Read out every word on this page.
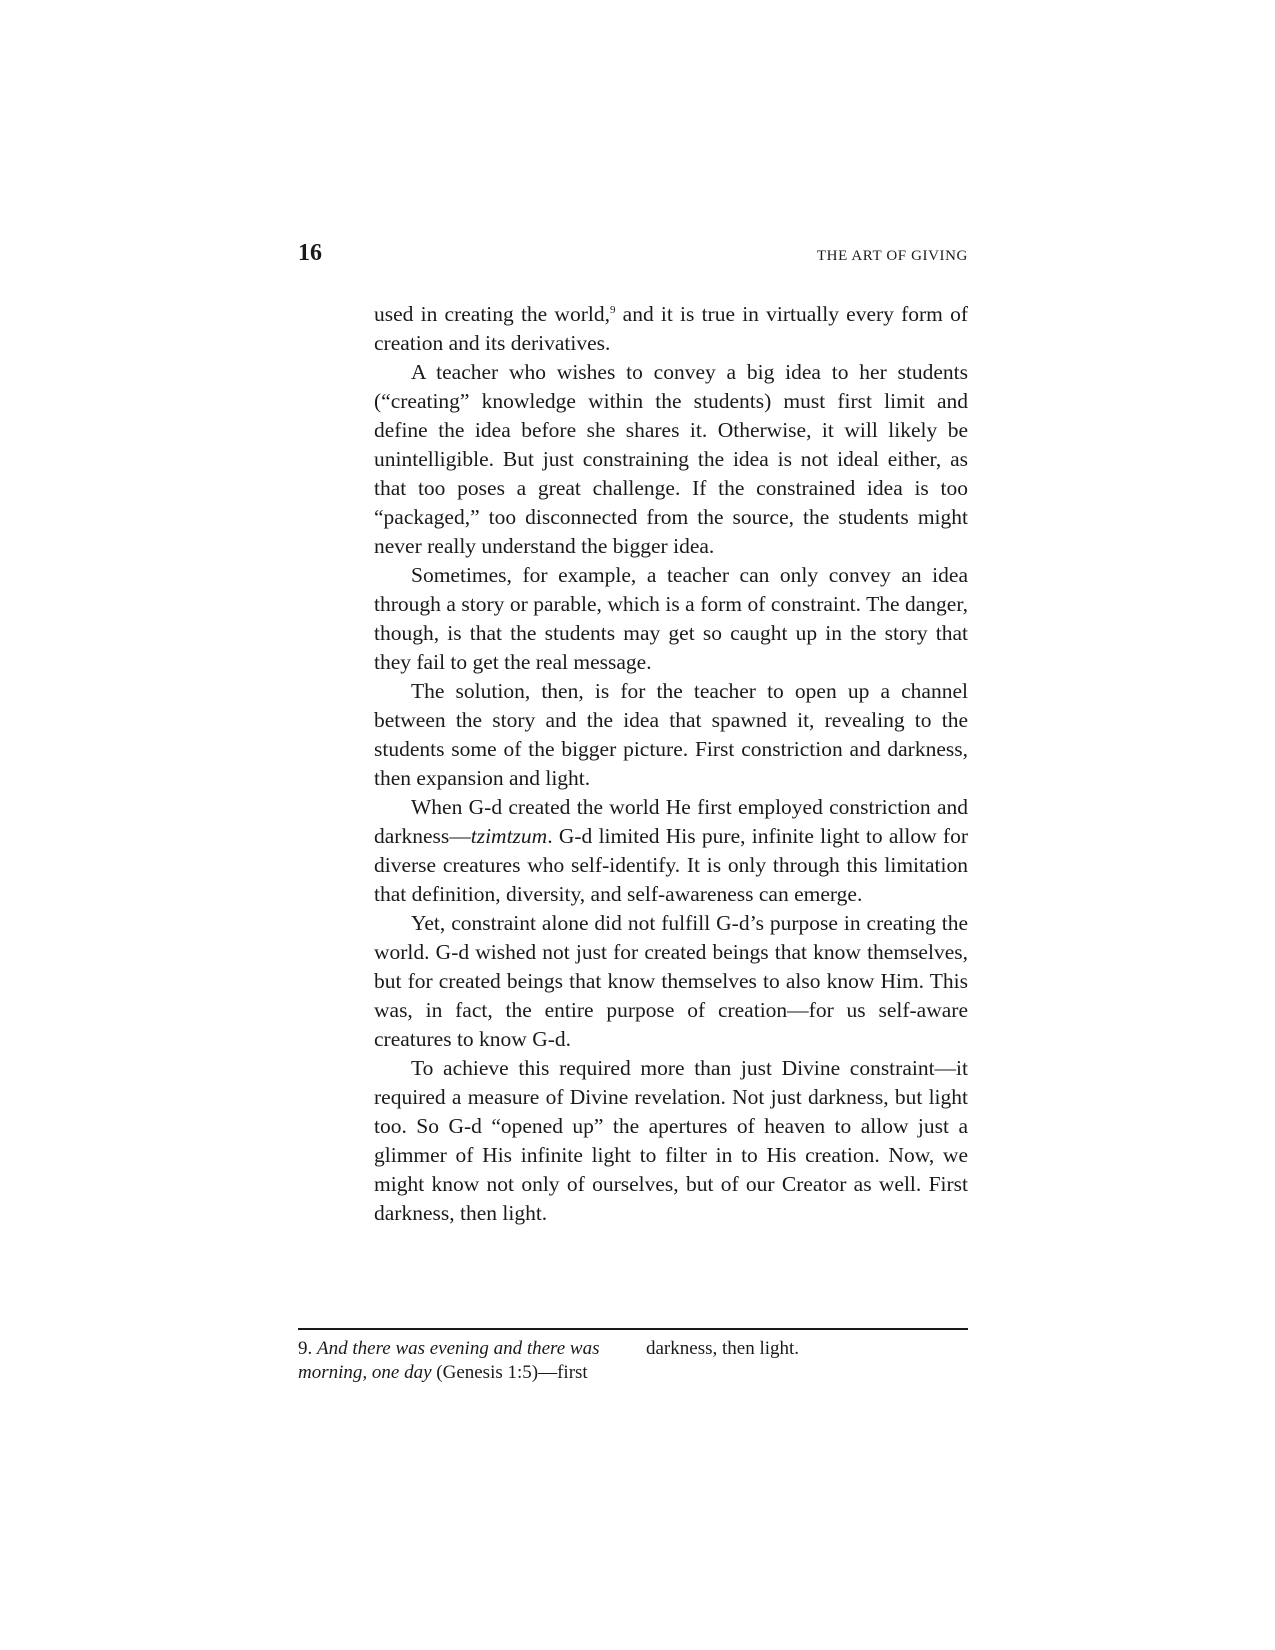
16	THE ART OF GIVING

used in creating the world,$^9$ and it is true in virtually every form of creation and its derivatives.

A teacher who wishes to convey a big idea to her students (“creating” knowledge within the students) must first limit and define the idea before she shares it. Otherwise, it will likely be unintelligible. But just constraining the idea is not ideal either, as that too poses a great challenge. If the constrained idea is too “packaged,” too disconnected from the source, the students might never really understand the bigger idea.

Sometimes, for example, a teacher can only convey an idea through a story or parable, which is a form of constraint. The danger, though, is that the students may get so caught up in the story that they fail to get the real message.

The solution, then, is for the teacher to open up a channel between the story and the idea that spawned it, revealing to the students some of the bigger picture. First constriction and darkness, then expansion and light.

When G-d created the world He first employed constriction and darkness—tzimtzum. G-d limited His pure, infinite light to allow for diverse creatures who self-identify. It is only through this limitation that definition, diversity, and self-awareness can emerge.

Yet, constraint alone did not fulfill G-d’s purpose in creating the world. G-d wished not just for created beings that know themselves, but for created beings that know themselves to also know Him. This was, in fact, the entire purpose of creation—for us self-aware creatures to know G-d.

To achieve this required more than just Divine constraint—it required a measure of Divine revelation. Not just darkness, but light too. So G-d “opened up” the apertures of heaven to allow just a glimmer of His infinite light to filter in to His creation. Now, we might know not only of ourselves, but of our Creator as well. First darkness, then light.

9. And there was evening and there was
morning, one day (Genesis 1:5)—first
darkness, then light.
